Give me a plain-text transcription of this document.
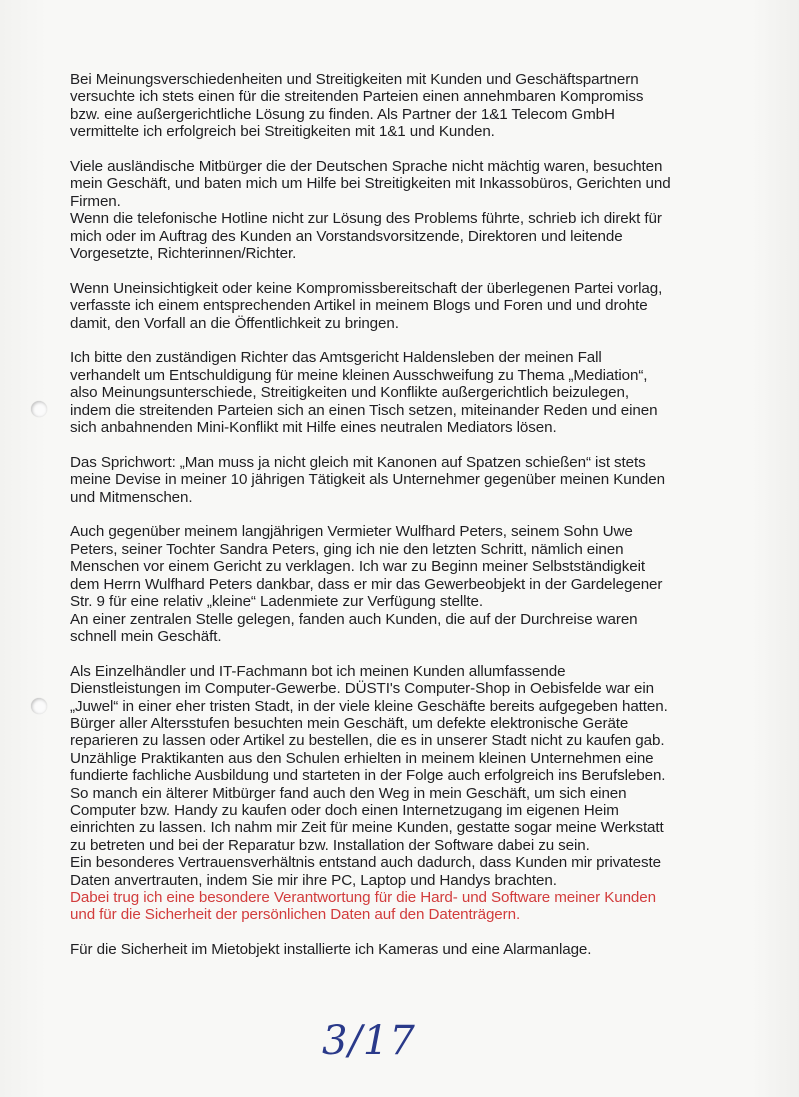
Bei Meinungsverschiedenheiten und Streitigkeiten mit Kunden und Geschäftspartnern
versuchte ich stets einen für die streitenden Parteien einen annehmbaren Kompromiss
bzw. eine außergerichtliche Lösung zu finden. Als Partner der 1&1 Telecom GmbH
vermittelte ich erfolgreich bei Streitigkeiten mit 1&1 und Kunden.

Viele ausländische Mitbürger die der Deutschen Sprache nicht mächtig waren, besuchten
mein Geschäft, und baten mich um Hilfe bei Streitigkeiten mit Inkassobüros, Gerichten und
Firmen.
Wenn die telefonische Hotline nicht zur Lösung des Problems führte, schrieb ich direkt für
mich oder im Auftrag des Kunden an Vorstandsvorsitzende, Direktoren und leitende
Vorgesetzte, Richterinnen/Richter.

Wenn Uneinsichtigkeit oder keine Kompromissbereitschaft der überlegenen Partei vorlag,
verfasste ich einem entsprechenden Artikel in meinem Blogs und Foren und und drohte
damit, den Vorfall an die Öffentlichkeit zu bringen.

Ich bitte den zuständigen Richter das Amtsgericht Haldensleben der meinen Fall
verhandelt um Entschuldigung für meine kleinen Ausschweifung zu Thema „Mediation“,
also Meinungsunterschiede, Streitigkeiten und Konflikte außergerichtlich beizulegen,
indem die streitenden Parteien sich an einen Tisch setzen, miteinander Reden und einen
sich anbahnenden Mini-Konflikt mit Hilfe eines neutralen Mediators lösen.

Das Sprichwort: „Man muss ja nicht gleich mit Kanonen auf Spatzen schießen“ ist stets
meine Devise in meiner 10 jährigen Tätigkeit als Unternehmer gegenüber meinen Kunden
und Mitmenschen.

Auch gegenüber meinem langjährigen Vermieter Wulfhard Peters, seinem Sohn Uwe
Peters, seiner Tochter Sandra Peters, ging ich nie den letzten Schritt, nämlich einen
Menschen vor einem Gericht zu verklagen. Ich war zu Beginn meiner Selbstständigkeit
dem Herrn Wulfhard Peters dankbar, dass er mir das Gewerbeobjekt in der Gardelegener
Str. 9 für eine relativ „kleine“ Ladenmiete zur Verfügung stellte.
An einer zentralen Stelle gelegen, fanden auch Kunden, die auf der Durchreise waren
schnell mein Geschäft.

Als Einzelhändler und IT-Fachmann bot ich meinen Kunden allumfassende
Dienstleistungen im Computer-Gewerbe. DÜSTI's Computer-Shop in Oebisfelde war ein
„Juwel“ in einer eher tristen Stadt, in der viele kleine Geschäfte bereits aufgegeben hatten.
Bürger aller Altersstufen besuchten mein Geschäft, um defekte elektronische Geräte
reparieren zu lassen oder Artikel zu bestellen, die es in unserer Stadt nicht zu kaufen gab.
Unzählige Praktikanten aus den Schulen erhielten in meinem kleinen Unternehmen eine
fundierte fachliche Ausbildung und starteten in der Folge auch erfolgreich ins Berufsleben.
So manch ein älterer Mitbürger fand auch den Weg in mein Geschäft, um sich einen
Computer bzw. Handy zu kaufen oder doch einen Internetzugang im eigenen Heim
einrichten zu lassen. Ich nahm mir Zeit für meine Kunden, gestatte sogar meine Werkstatt
zu betreten und bei der Reparatur bzw. Installation der Software dabei zu sein.
Ein besonderes Vertrauensverhältnis entstand auch dadurch, dass Kunden mir privateste
Daten anvertrauten, indem Sie mir ihre PC, Laptop und Handys brachten.

Dabei trug ich eine besondere Verantwortung für die Hard- und Software meiner Kunden
und für die Sicherheit der persönlichen Daten auf den Datenträgern.

Für die Sicherheit im Mietobjekt installierte ich Kameras und eine Alarmanlage.

3/17
